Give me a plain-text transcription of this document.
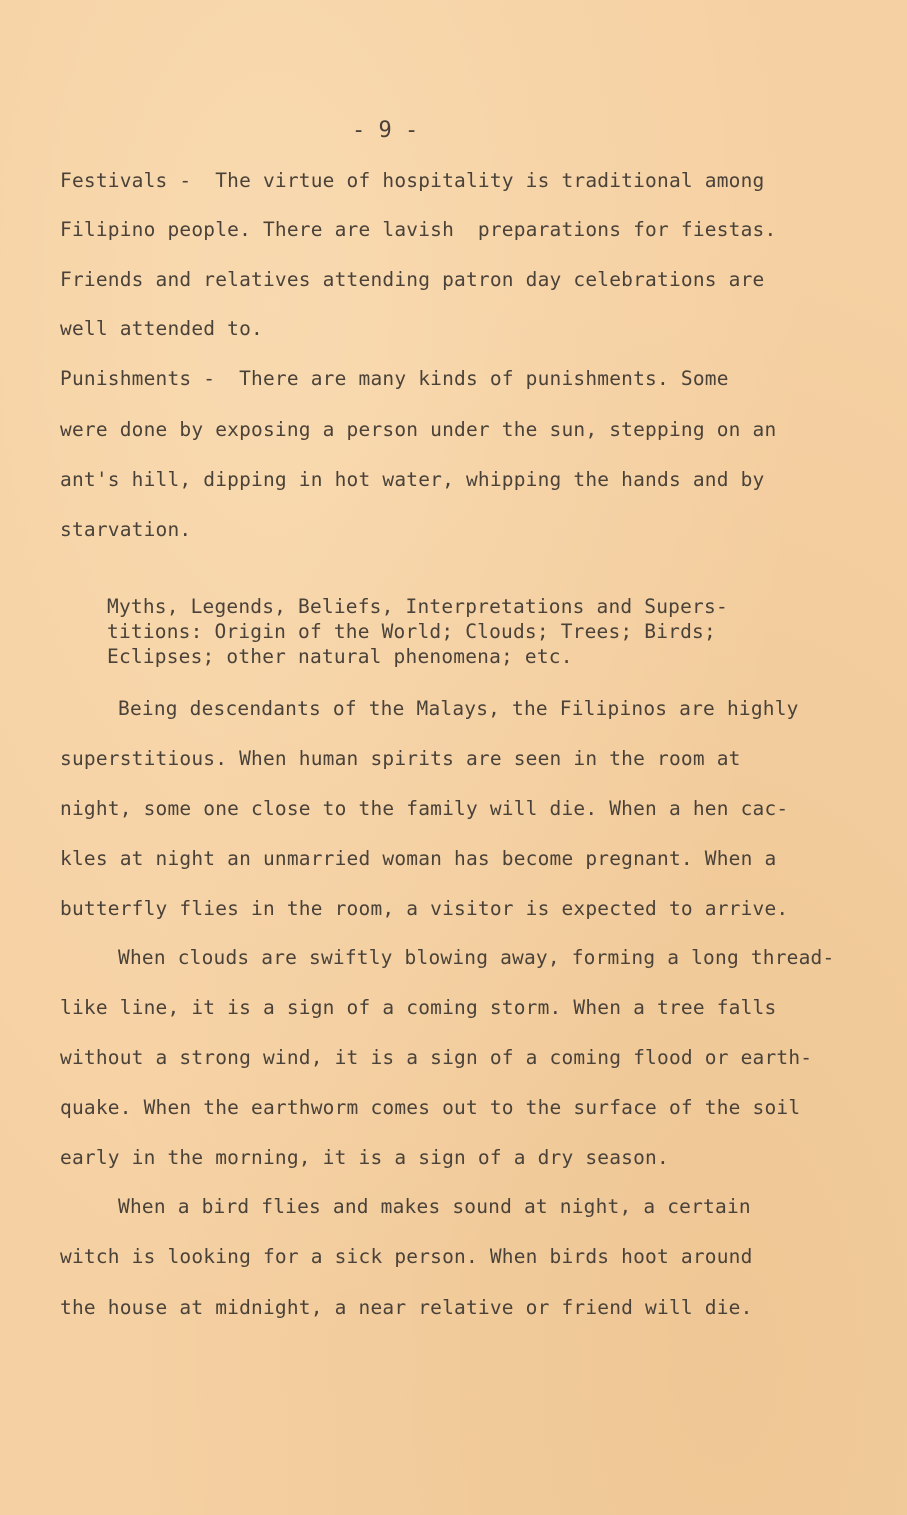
- 9 -
Festivals -  The virtue of hospitality is traditional among
Filipino people. There are lavish  preparations for fiestas.
Friends and relatives attending patron day celebrations are
well attended to.
Punishments -  There are many kinds of punishments. Some
were done by exposing a person under the sun, stepping on an
ant's hill, dipping in hot water, whipping the hands and by
starvation.
Myths, Legends, Beliefs, Interpretations and Supers-
titions: Origin of the World; Clouds; Trees; Birds;
Eclipses; other natural phenomena; etc.
Being descendants of the Malays, the Filipinos are highly
superstitious. When human spirits are seen in the room at
night, some one close to the family will die. When a hen cac-
kles at night an unmarried woman has become pregnant. When a
butterfly flies in the room, a visitor is expected to arrive.
When clouds are swiftly blowing away, forming a long thread-
like line, it is a sign of a coming storm. When a tree falls
without a strong wind, it is a sign of a coming flood or earth-
quake. When the earthworm comes out to the surface of the soil
early in the morning, it is a sign of a dry season.
When a bird flies and makes sound at night, a certain
witch is looking for a sick person. When birds hoot around
the house at midnight, a near relative or friend will die.
